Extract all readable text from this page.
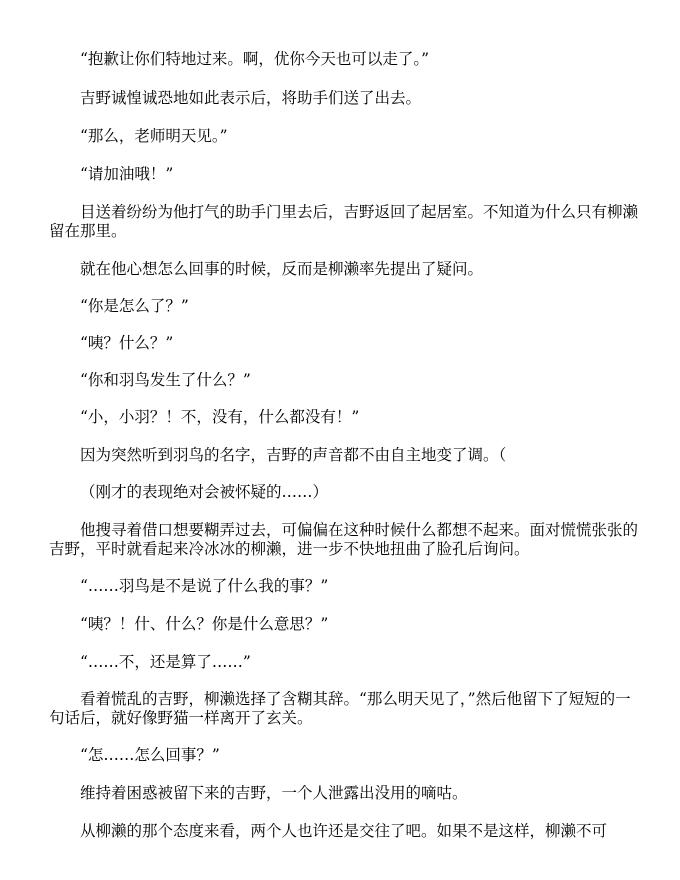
“抱歉让你们特地过来。啊，优你今天也可以走了。”

吉野诚惶诚恐地如此表示后，将助手们送了出去。

“那么，老师明天见。”

“请加油哦！”

目送着纷纷为他打气的助手门里去后，吉野返回了起居室。不知道为什么只有柳濑留在那里。

就在他心想怎么回事的时候，反而是柳濑率先提出了疑问。

“你是怎么了？”

“咦？什么？”

“你和羽鸟发生了什么？”

“小，小羽？！不，没有，什么都没有！”

因为突然听到羽鸟的名字，吉野的声音都不由自主地变了调。（

（刚才的表现绝对会被怀疑的……）

他搜寻着借口想要糊弄过去，可偏偏在这种时候什么都想不起来。面对慌慌张张的吉野，平时就看起来冷冰冰的柳濑，进一步不快地扭曲了脸孔后询问。

“……羽鸟是不是说了什么我的事？”

“咦？！什、什么？你是什么意思？”

“……不，还是算了……”

看着慌乱的吉野，柳濑选择了含糊其辞。“那么明天见了，”然后他留下了短短的一句话后，就好像野猫一样离开了玄关。

“怎……怎么回事？”

维持着困惑被留下来的吉野，一个人泄露出没用的嘀咕。

从柳濑的那个态度来看，两个人也许还是交往了吧。如果不是这样，柳濑不可
